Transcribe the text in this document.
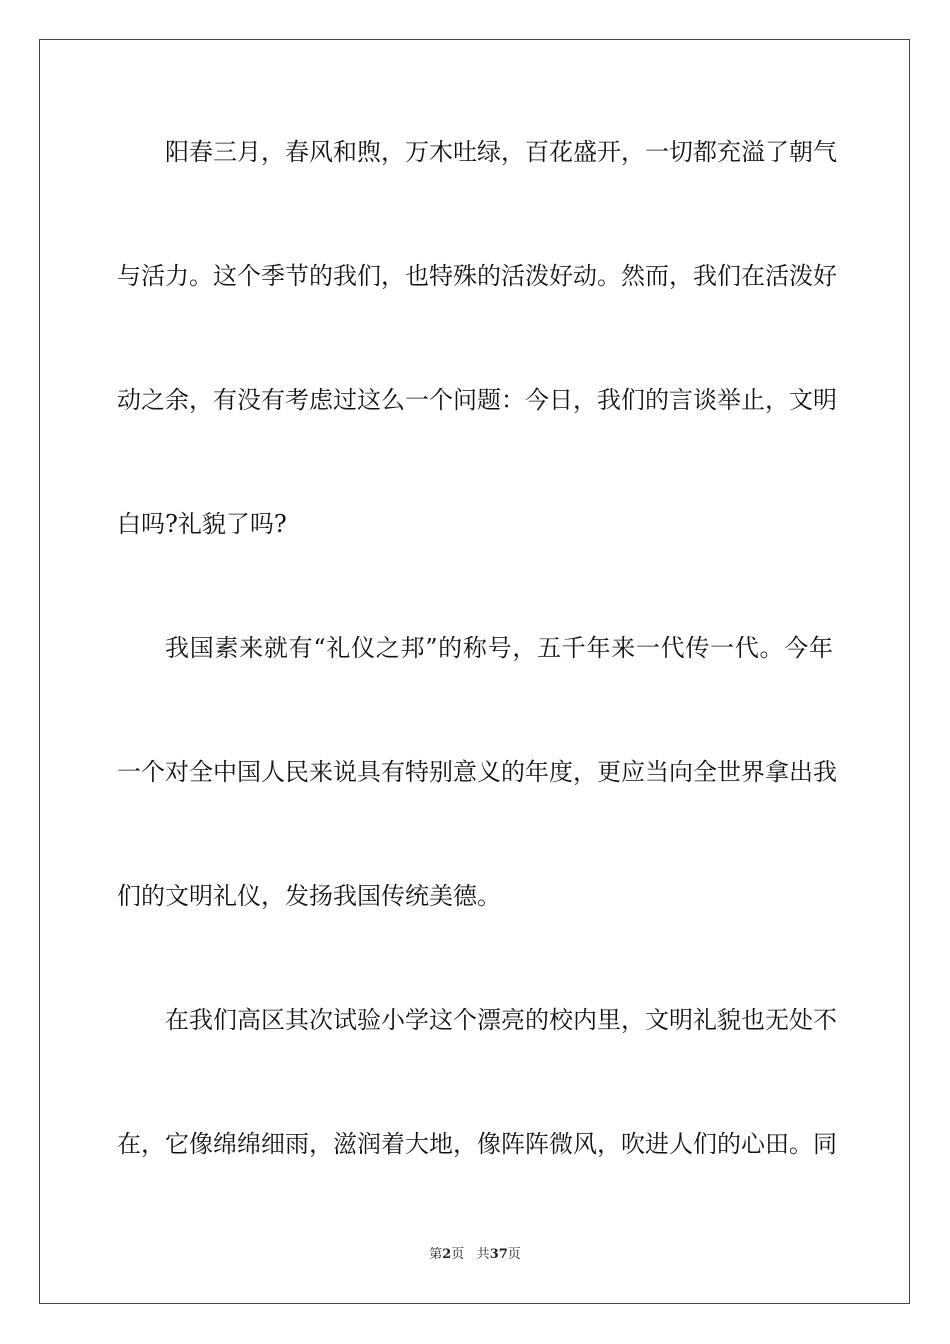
阳春三月，春风和煦，万木吐绿，百花盛开，一切都充溢了朝气
与活力。这个季节的我们，也特殊的活泼好动。然而，我们在活泼好
动之余，有没有考虑过这么一个问题：今日，我们的言谈举止，文明
白吗?礼貌了吗?
我国素来就有“礼仪之邦”的称号，五千年来一代传一代。今年
一个对全中国人民来说具有特别意义的年度，更应当向全世界拿出我
们的文明礼仪，发扬我国传统美德。
在我们高区其次试验小学这个漂亮的校内里，文明礼貌也无处不
在，它像绵绵细雨，滋润着大地，像阵阵微风，吹进人们的心田。同
第2页 共37页
